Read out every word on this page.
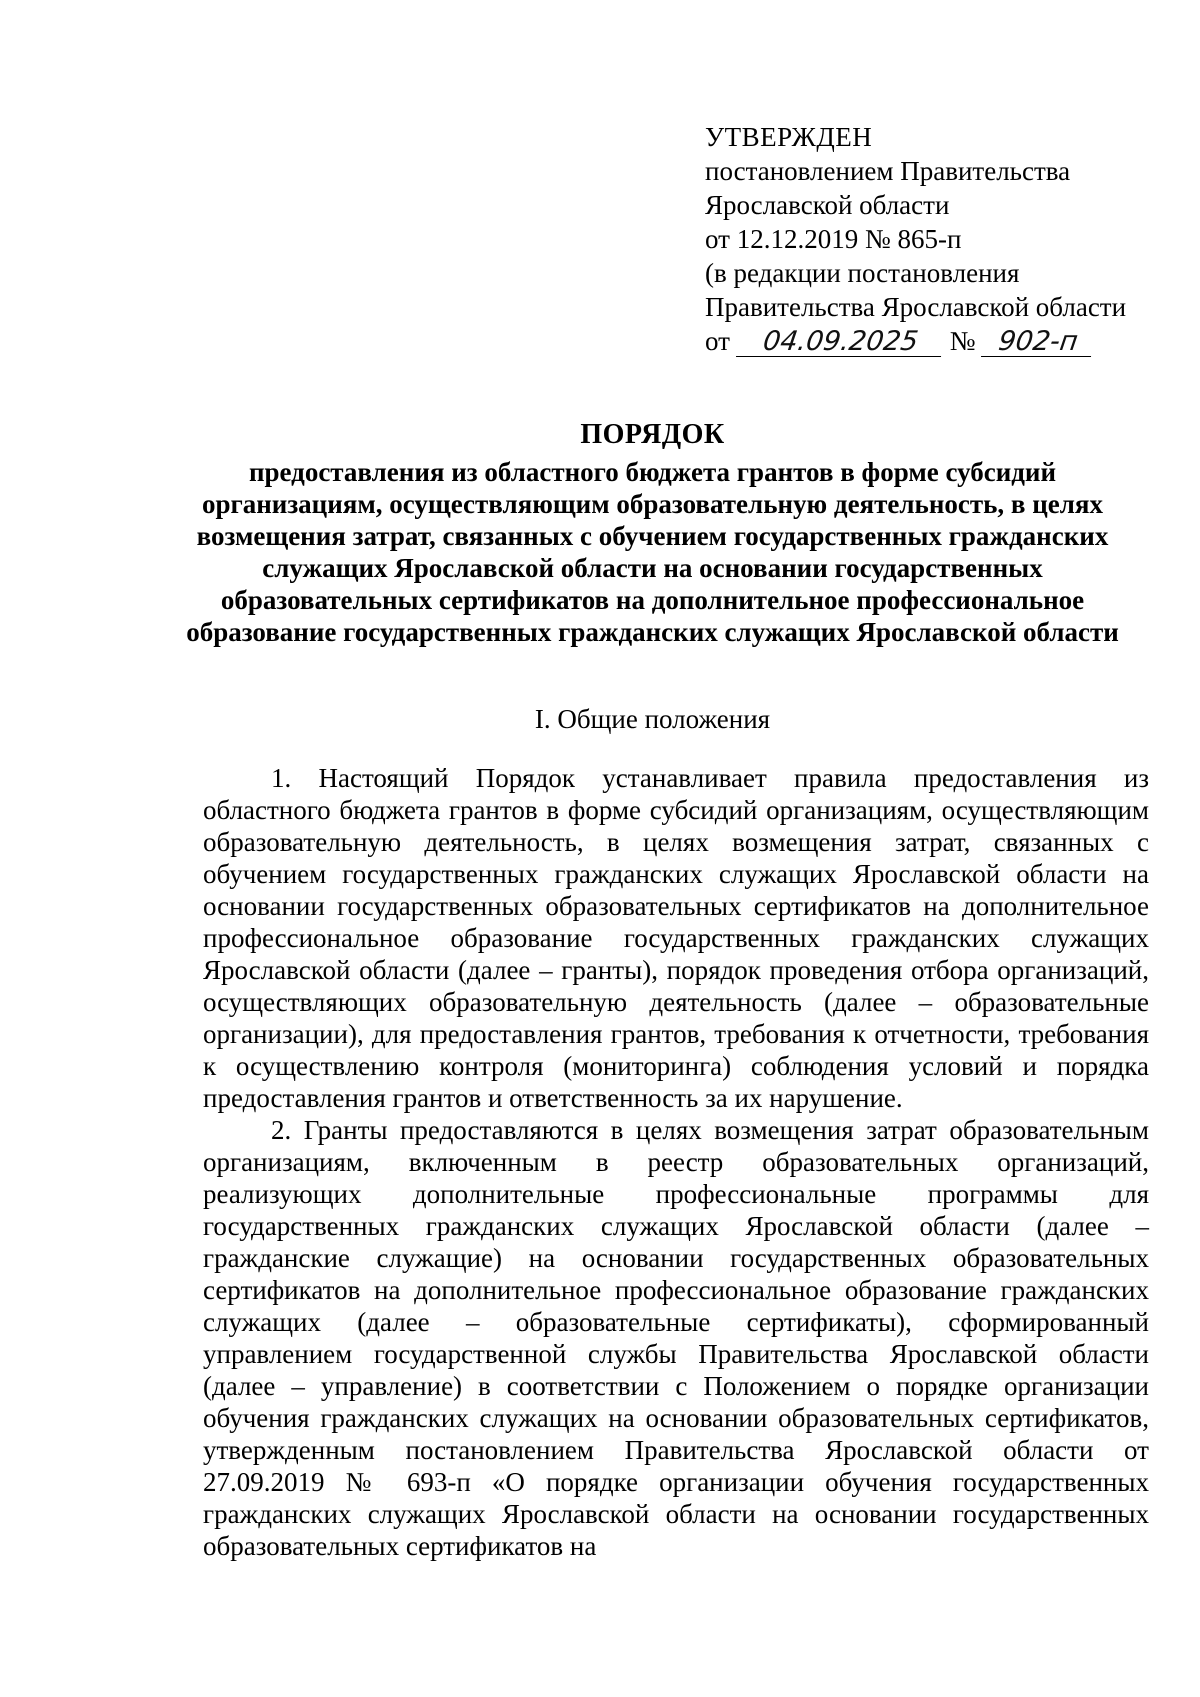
УТВЕРЖДЕН
постановлением Правительства
Ярославской области
от 12.12.2019 № 865-п
(в редакции постановления
Правительства Ярославской области
от 04.09.2025 № 902-п
ПОРЯДОК
предоставления из областного бюджета грантов в форме субсидий организациям, осуществляющим образовательную деятельность, в целях возмещения затрат, связанных с обучением государственных гражданских служащих Ярославской области на основании государственных образовательных сертификатов на дополнительное профессиональное образование государственных гражданских служащих Ярославской области
I. Общие положения

1. Настоящий Порядок устанавливает правила предоставления из областного бюджета грантов в форме субсидий организациям, осуществляющим образовательную деятельность, в целях возмещения затрат, связанных с обучением государственных гражданских служащих Ярославской области на основании государственных образовательных сертификатов на дополнительное профессиональное образование государственных гражданских служащих Ярославской области (далее – гранты), порядок проведения отбора организаций, осуществляющих образовательную деятельность (далее – образовательные организации), для предоставления грантов, требования к отчетности, требования к осуществлению контроля (мониторинга) соблюдения условий и порядка предоставления грантов и ответственность за их нарушение.

2. Гранты предоставляются в целях возмещения затрат образовательным организациям, включенным в реестр образовательных организаций, реализующих дополнительные профессиональные программы для государственных гражданских служащих Ярославской области (далее – гражданские служащие) на основании государственных образовательных сертификатов на дополнительное профессиональное образование гражданских служащих (далее – образовательные сертификаты), сформированный управлением государственной службы Правительства Ярославской области (далее – управление) в соответствии с Положением о порядке организации обучения гражданских служащих на основании образовательных сертификатов, утвержденным постановлением Правительства Ярославской области от 27.09.2019 № 693-п «О порядке организации обучения государственных гражданских служащих Ярославской области на основании государственных образовательных сертификатов на
